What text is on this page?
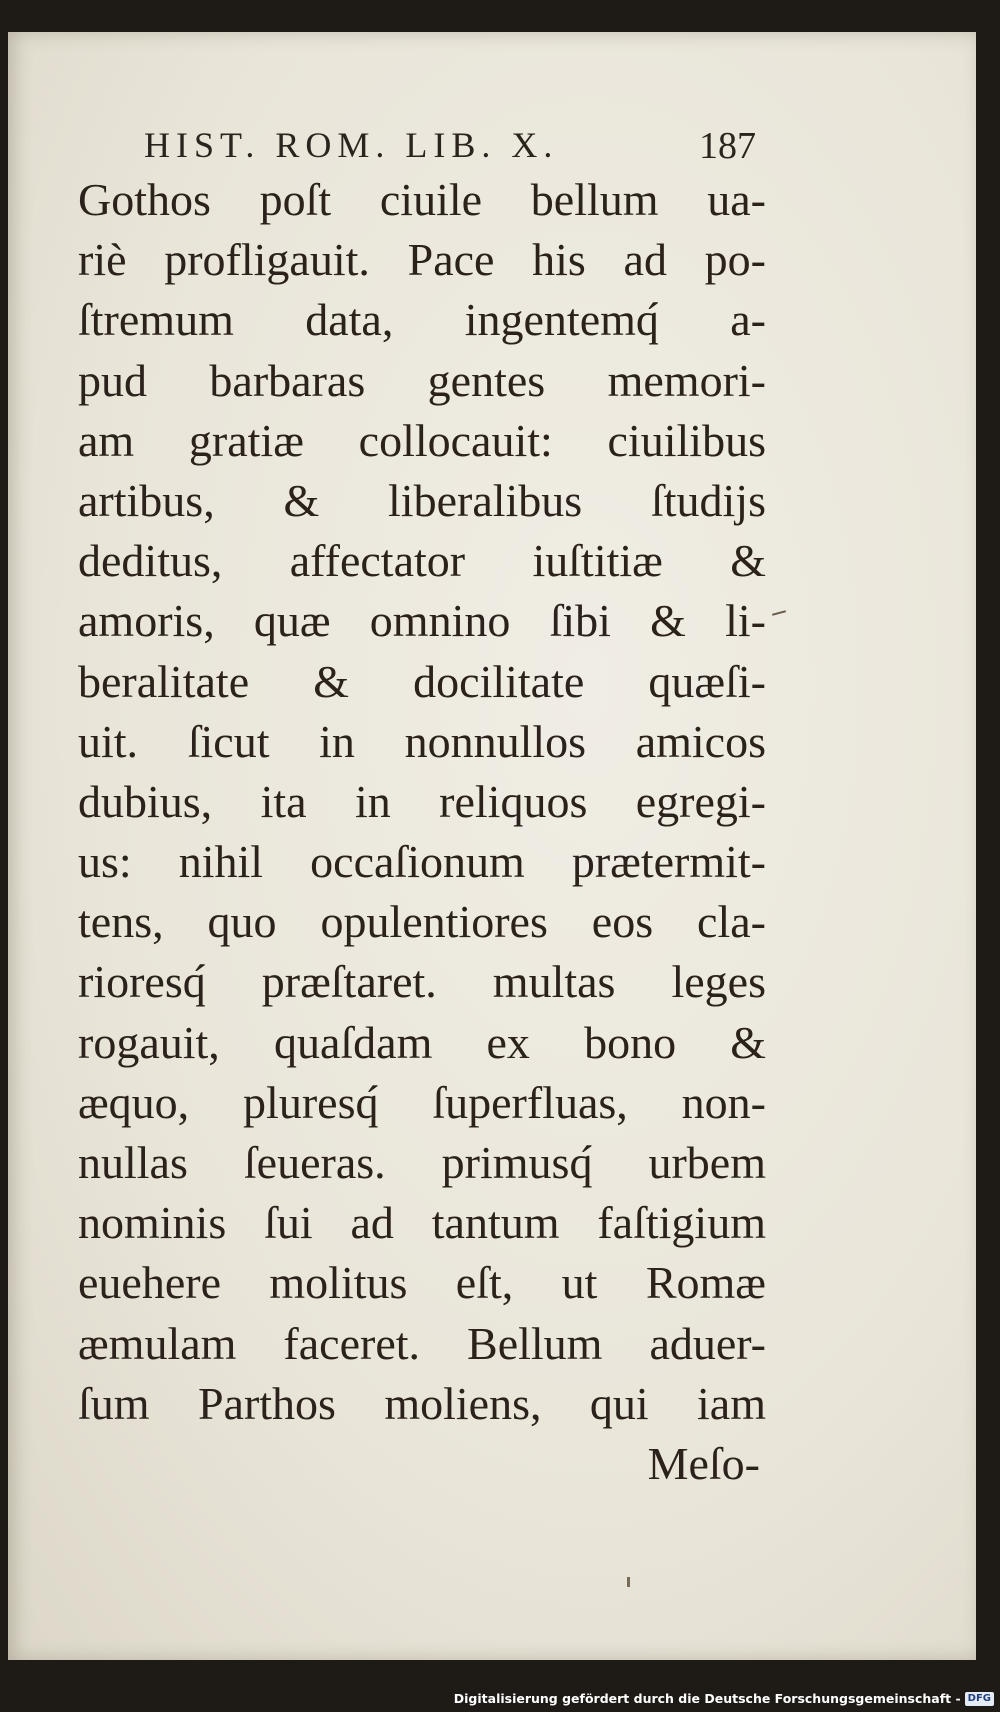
HIST. ROM. LIB. X.	187
Gothos poſt ciuile bellum ua-
riè profligauit. Pace his ad po-
ſtremum data, ingentemq́ a-
pud barbaras gentes memori-
am gratiæ collocauit: ciuilibus
artibus, & liberalibus ſtudijs
deditus, affectator iuſtitiæ &
amoris, quæ omnino ſibi & li-
beralitate & docilitate quæſi-
uit. ſicut in nonnullos amicos
dubius, ita in reliquos egregi-
us: nihil occaſionum prætermit-
tens, quo opulentiores eos cla-
rioresq́ præſtaret. multas leges
rogauit, quaſdam ex bono &
æquo, pluresq́ ſuperfluas, non-
nullas ſeueras. primusq́ urbem
nominis ſui ad tantum faſtigium
euehere molitus eſt, ut Romæ
æmulam faceret. Bellum aduer-
ſum Parthos moliens, qui iam
Meſo-
Digitalisierung gefördert durch die Deutsche Forschungsgemeinschaft - DFG
